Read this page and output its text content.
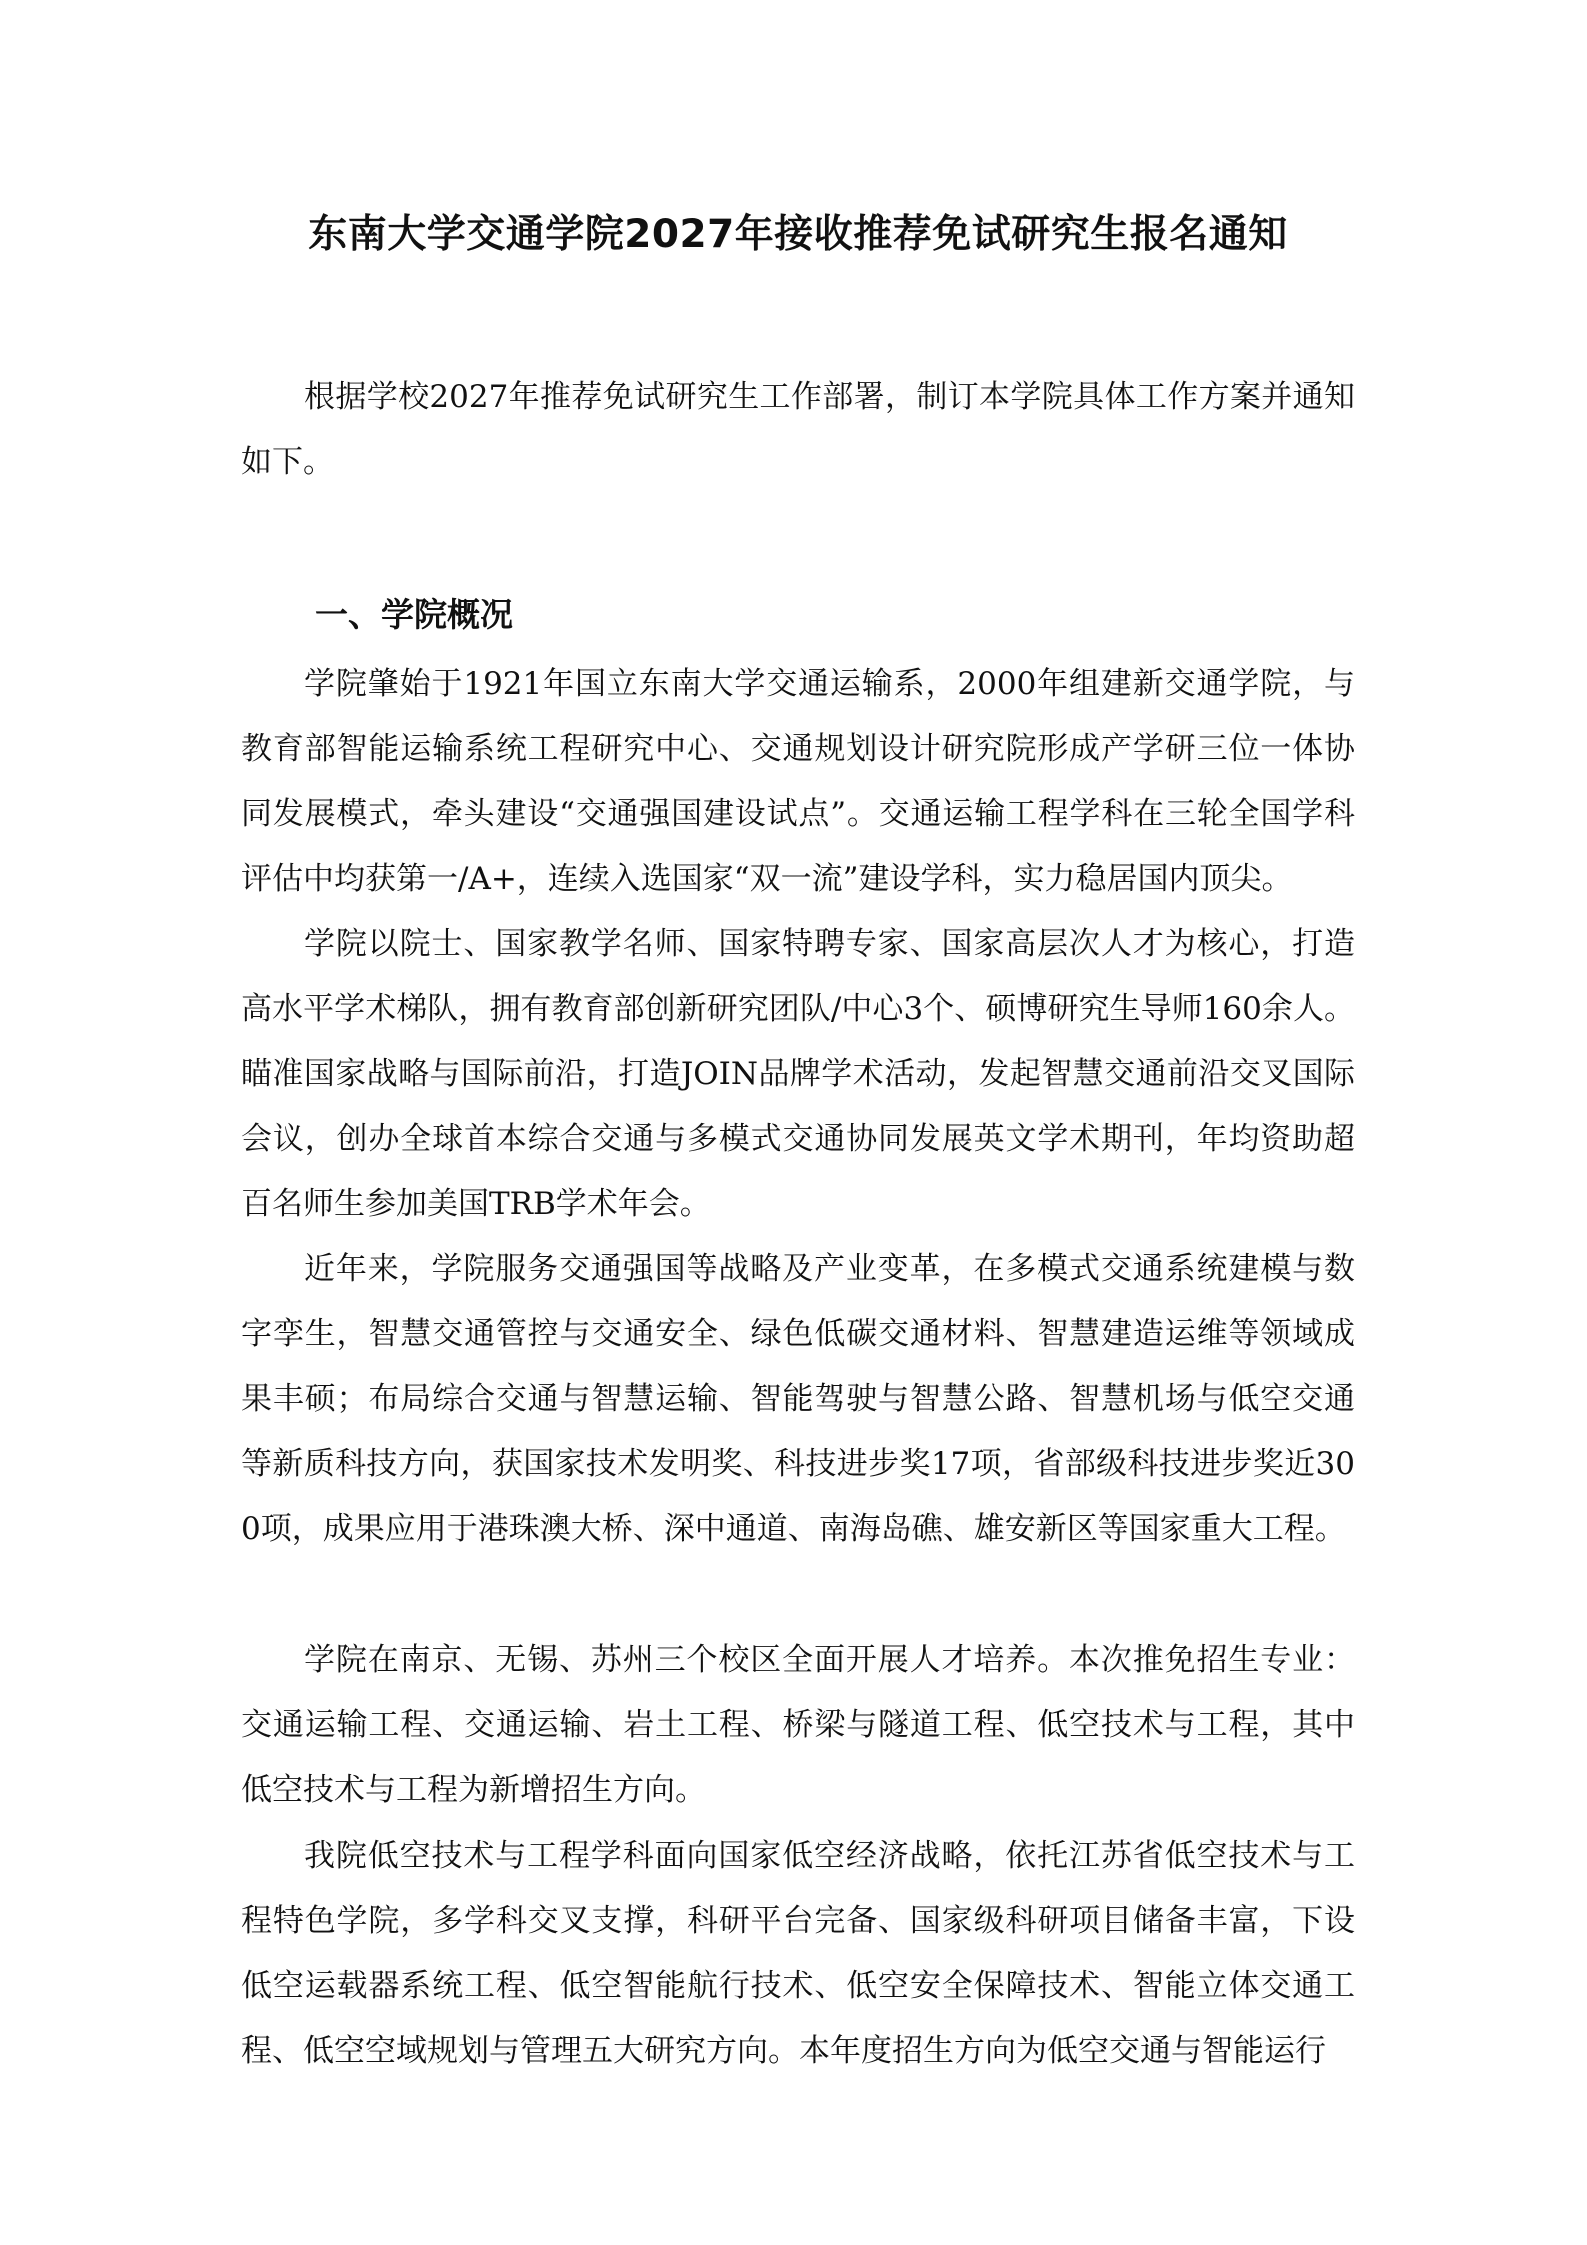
东南大学交通学院2027年接收推荐免试研究生报名通知

根据学校2027年推荐免试研究生工作部署，制订本学院具体工作方案并通知如下。

一、学院概况

学院肇始于1921年国立东南大学交通运输系，2000年组建新交通学院，与教育部智能运输系统工程研究中心、交通规划设计研究院形成产学研三位一体协同发展模式，牵头建设“交通强国建设试点”。交通运输工程学科在三轮全国学科评估中均获第一/A+，连续入选国家“双一流”建设学科，实力稳居国内顶尖。

学院以院士、国家教学名师、国家特聘专家、国家高层次人才为核心，打造高水平学术梯队，拥有教育部创新研究团队/中心3个、硕博研究生导师160余人。瞄准国家战略与国际前沿，打造JOIN品牌学术活动，发起智慧交通前沿交叉国际会议，创办全球首本综合交通与多模式交通协同发展英文学术期刊，年均资助超百名师生参加美国TRB学术年会。

近年来，学院服务交通强国等战略及产业变革，在多模式交通系统建模与数字孪生，智慧交通管控与交通安全、绿色低碳交通材料、智慧建造运维等领域成果丰硕；布局综合交通与智慧运输、智能驾驶与智慧公路、智慧机场与低空交通等新质科技方向，获国家技术发明奖、科技进步奖17项，省部级科技进步奖近300项，成果应用于港珠澳大桥、深中通道、南海岛礁、雄安新区等国家重大工程。

学院在南京、无锡、苏州三个校区全面开展人才培养。本次推免招生专业：交通运输工程、交通运输、岩土工程、桥梁与隧道工程、低空技术与工程，其中低空技术与工程为新增招生方向。

我院低空技术与工程学科面向国家低空经济战略，依托江苏省低空技术与工程特色学院，多学科交叉支撑，科研平台完备、国家级科研项目储备丰富，下设低空运载器系统工程、低空智能航行技术、低空安全保障技术、智能立体交通工程、低空空域规划与管理五大研究方向。本年度招生方向为低空交通与智能运行
